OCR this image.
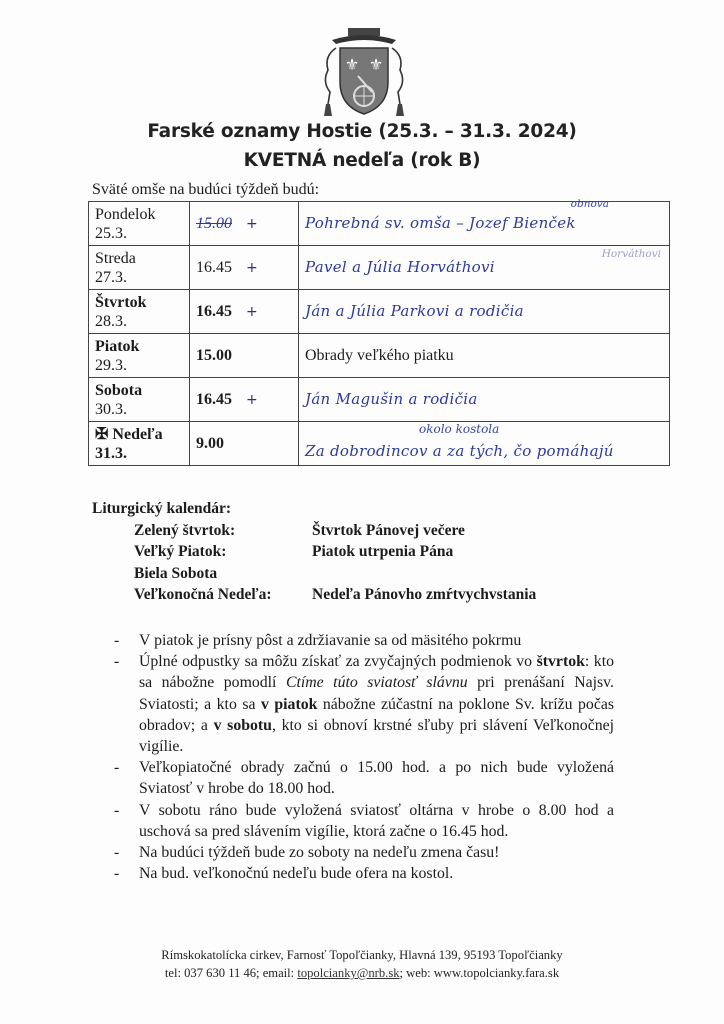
⚜ ⚜
Farské oznamy Hostie (25.3. – 31.3. 2024)
KVETNÁ nedeľa (rok B)
Sväté omše na budúci týždeň budú:
Pondelok
25.3.	15.00 +	Pohrebná sv. omša – Jozef Bienček
obnova

Streda
27.3.	16.45 +	Pavel a Júlia Horváthovi
Horváthovi

Štvrtok
28.3.	16.45 +	Ján a Júlia Parkovi a rodičia
Piatok
29.3.	15.00	Obrady veľkého piatku
Sobota
30.3.	16.45 +	Ján Magušin a rodičia
✠ Nedeľa
31.3.	9.00	okolo kostola
Za dobrodincov a za tých, čo pomáhajú
Liturgický kalendár:
Zelený štvrtok:	Štvrtok Pánovej večere
Veľký Piatok:	Piatok utrpenia Pána
Biela Sobota
Veľkonočná Nedeľa:	Nedeľa Pánovho zmŕtvychvstania
- V piatok je prísny pôst a zdržiavanie sa od mäsitého pokrmu
- Úplné odpustky sa môžu získať za zvyčajných podmienok vo štvrtok: kto sa nábožne pomodlí Ctíme túto sviatosť slávnu pri prenášaní Najsv. Sviatosti; a kto sa v piatok nábožne zúčastní na poklone Sv. krížu počas obradov; a v sobotu, kto si obnoví krstné sľuby pri slávení Veľkonočnej vigílie.
- Veľkopiatočné obrady začnú o 15.00 hod. a po nich bude vyložená Sviatosť v hrobe do 18.00 hod.
- V sobotu ráno bude vyložená sviatosť oltárna v hrobe o 8.00 hod a uschová sa pred slávením vigílie, ktorá začne o 16.45 hod.
- Na budúci týždeň bude zo soboty na nedeľu zmena času!
- Na bud. veľkonočnú nedeľu bude ofera na kostol.
Rímskokatolícka cirkev, Farnosť Topoľčianky, Hlavná 139, 95193 Topoľčianky
tel: 037 630 11 46; email: topolcianky@nrb.sk; web: www.topolcianky.fara.sk
